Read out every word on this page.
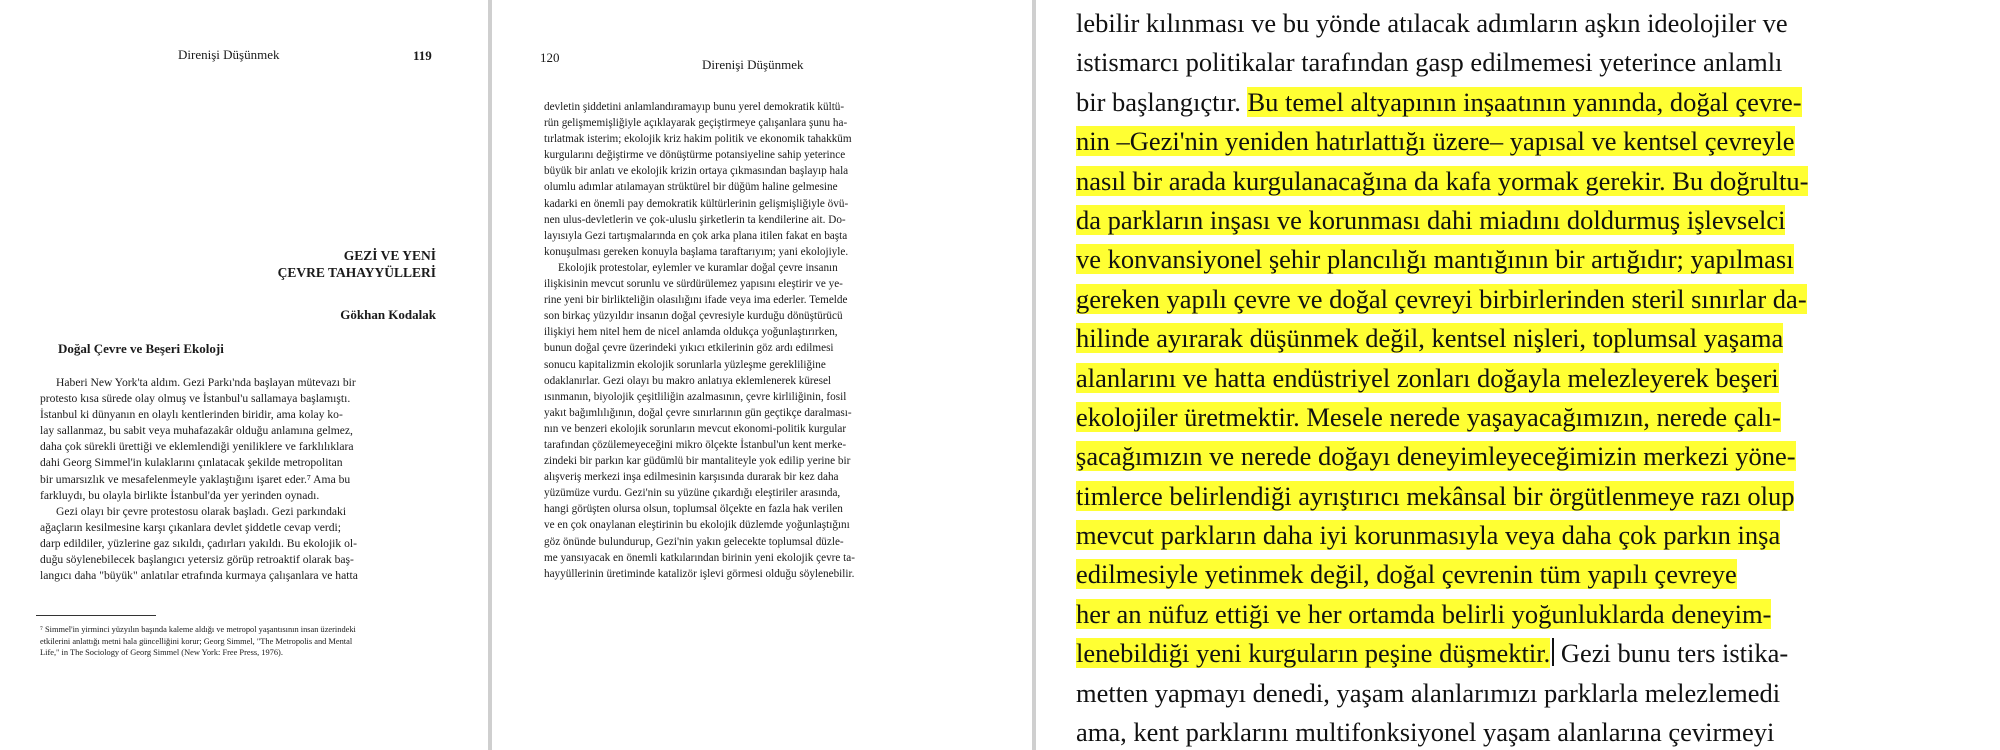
Direnişi Düşünmek	119
GEZİ VE YENİ
ÇEVRE TAHAYYÜLLERİ
Gökhan Kodalak
Doğal Çevre ve Beşeri Ekoloji
Haberi New York'ta aldım. Gezi Parkı'nda başlayan mütevazı bir
protesto kısa sürede olay olmuş ve İstanbul'u sallamaya başlamıştı.
İstanbul ki dünyanın en olaylı kentlerinden biridir, ama kolay ko-
lay sallanmaz, bu sabit veya muhafazakâr olduğu anlamına gelmez,
daha çok sürekli ürettiği ve eklemlendiği yeniliklere ve farklılıklara
dahi Georg Simmel'in kulaklarını çınlatacak şekilde metropolitan
bir umarsızlık ve mesafelenmeyle yaklaştığını işaret eder.⁷ Ama bu
farkluydı, bu olayla birlikte İstanbul'da yer yerinden oynadı.
Gezi olayı bir çevre protestosu olarak başladı. Gezi parkındaki
ağaçların kesilmesine karşı çıkanlara devlet şiddetle cevap verdi;
darp edildiler, yüzlerine gaz sıkıldı, çadırları yakıldı. Bu ekolojik ol-
duğu söylenebilecek başlangıcı yetersiz görüp retroaktif olarak baş-
langıcı daha "büyük" anlatılar etrafında kurmaya çalışanlara ve hatta
⁷ Simmel'in yirminci yüzyılın başında kaleme aldığı ve metropol yaşantısının insan üzerindeki
etkilerini anlattığı metni hala güncelliğini korur; Georg Simmel, "The Metropolis and Mental
Life," in The Sociology of Georg Simmel (New York: Free Press, 1976).
120	Direnişi Düşünmek
devletin şiddetini anlamlandıramayıp bunu yerel demokratik kültü-
rün gelişmemişliğiyle açıklayarak geçiştirmeye çalışanlara şunu ha-
tırlatmak isterim; ekolojik kriz hakim politik ve ekonomik tahakküm
kurgularını değiştirme ve dönüştürme potansiyeline sahip yeterince
büyük bir anlatı ve ekolojik krizin ortaya çıkmasından başlayıp hala
olumlu adımlar atılamayan strüktürel bir düğüm haline gelmesine
kadarki en önemli pay demokratik kültürlerinin gelişmişliğiyle övü-
nen ulus-devletlerin ve çok-uluslu şirketlerin ta kendilerine ait. Do-
layısıyla Gezi tartışmalarında en çok arka plana itilen fakat en başta
konuşulması gereken konuyla başlama taraftarıyım; yani ekolojiyle.
Ekolojik protestolar, eylemler ve kuramlar doğal çevre insanın
ilişkisinin mevcut sorunlu ve sürdürülemez yapısını eleştirir ve ye-
rine yeni bir birlikteliğin olasılığını ifade veya ima ederler. Temelde
son birkaç yüzyıldır insanın doğal çevresiyle kurduğu dönüştürücü
ilişkiyi hem nitel hem de nicel anlamda oldukça yoğunlaştırırken,
bunun doğal çevre üzerindeki yıkıcı etkilerinin göz ardı edilmesi
sonucu kapitalizmin ekolojik sorunlarla yüzleşme gerekliliğine
odaklanırlar. Gezi olayı bu makro anlatıya eklemlenerek küresel
ısınmanın, biyolojik çeşitliliğin azalmasının, çevre kirliliğinin, fosil
yakıt bağımlılığının, doğal çevre sınırlarının gün geçtikçe daralması-
nın ve benzeri ekolojik sorunların mevcut ekonomi-politik kurgular
tarafından çözülemeyeceğini mikro ölçekte İstanbul'un kent merke-
zindeki bir parkın kar güdümlü bir mantaliteyle yok edilip yerine bir
alışveriş merkezi inşa edilmesinin karşısında durarak bir kez daha
yüzümüze vurdu. Gezi'nin su yüzüne çıkardığı eleştiriler arasında,
hangi görüşten olursa olsun, toplumsal ölçekte en fazla hak verilen
ve en çok onaylanan eleştirinin bu ekolojik düzlemde yoğunlaştığını
göz önünde bulundurup, Gezi'nin yakın gelecekte toplumsal düzle-
me yansıyacak en önemli katkılarından birinin yeni ekolojik çevre ta-
hayyüllerinin üretiminde katalizör işlevi görmesi olduğu söylenebilir.
lebilir kılınması ve bu yönde atılacak adımların aşkın ideolojiler ve
istismarcı politikalar tarafından gasp edilmemesi yeterince anlamlı
bir başlangıçtır. Bu temel altyapının inşaatının yanında, doğal çevre-
nin –Gezi'nin yeniden hatırlattığı üzere– yapısal ve kentsel çevreyle
nasıl bir arada kurgulanacağına da kafa yormak gerekir. Bu doğrultu-
da parkların inşası ve korunması dahi miadını doldurmuş işlevselci
ve konvansiyonel şehir plancılığı mantığının bir artığıdır; yapılması
gereken yapılı çevre ve doğal çevreyi birbirlerinden steril sınırlar da-
hilinde ayırarak düşünmek değil, kentsel nişleri, toplumsal yaşama
alanlarını ve hatta endüstriyel zonları doğayla melezleyerek beşeri
ekolojiler üretmektir. Mesele nerede yaşayacağımızın, nerede çalı-
şacağımızın ve nerede doğayı deneyimleyeceğimizin merkezi yöne-
timlerce belirlendiği ayrıştırıcı mekânsal bir örgütlenmeye razı olup
mevcut parkların daha iyi korunmasıyla veya daha çok parkın inşa
edilmesiyle yetinmek değil, doğal çevrenin tüm yapılı çevreye
her an nüfuz ettiği ve her ortamda belirli yoğunluklarda deneyim-
lenebildiği yeni kurguların peşine düşmektir. Gezi bunu ters istika-
metten yapmayı denedi, yaşam alanlarımızı parklarla melezlemedi
ama, kent parklarını multifonksiyonel yaşam alanlarına çevirmeyi
